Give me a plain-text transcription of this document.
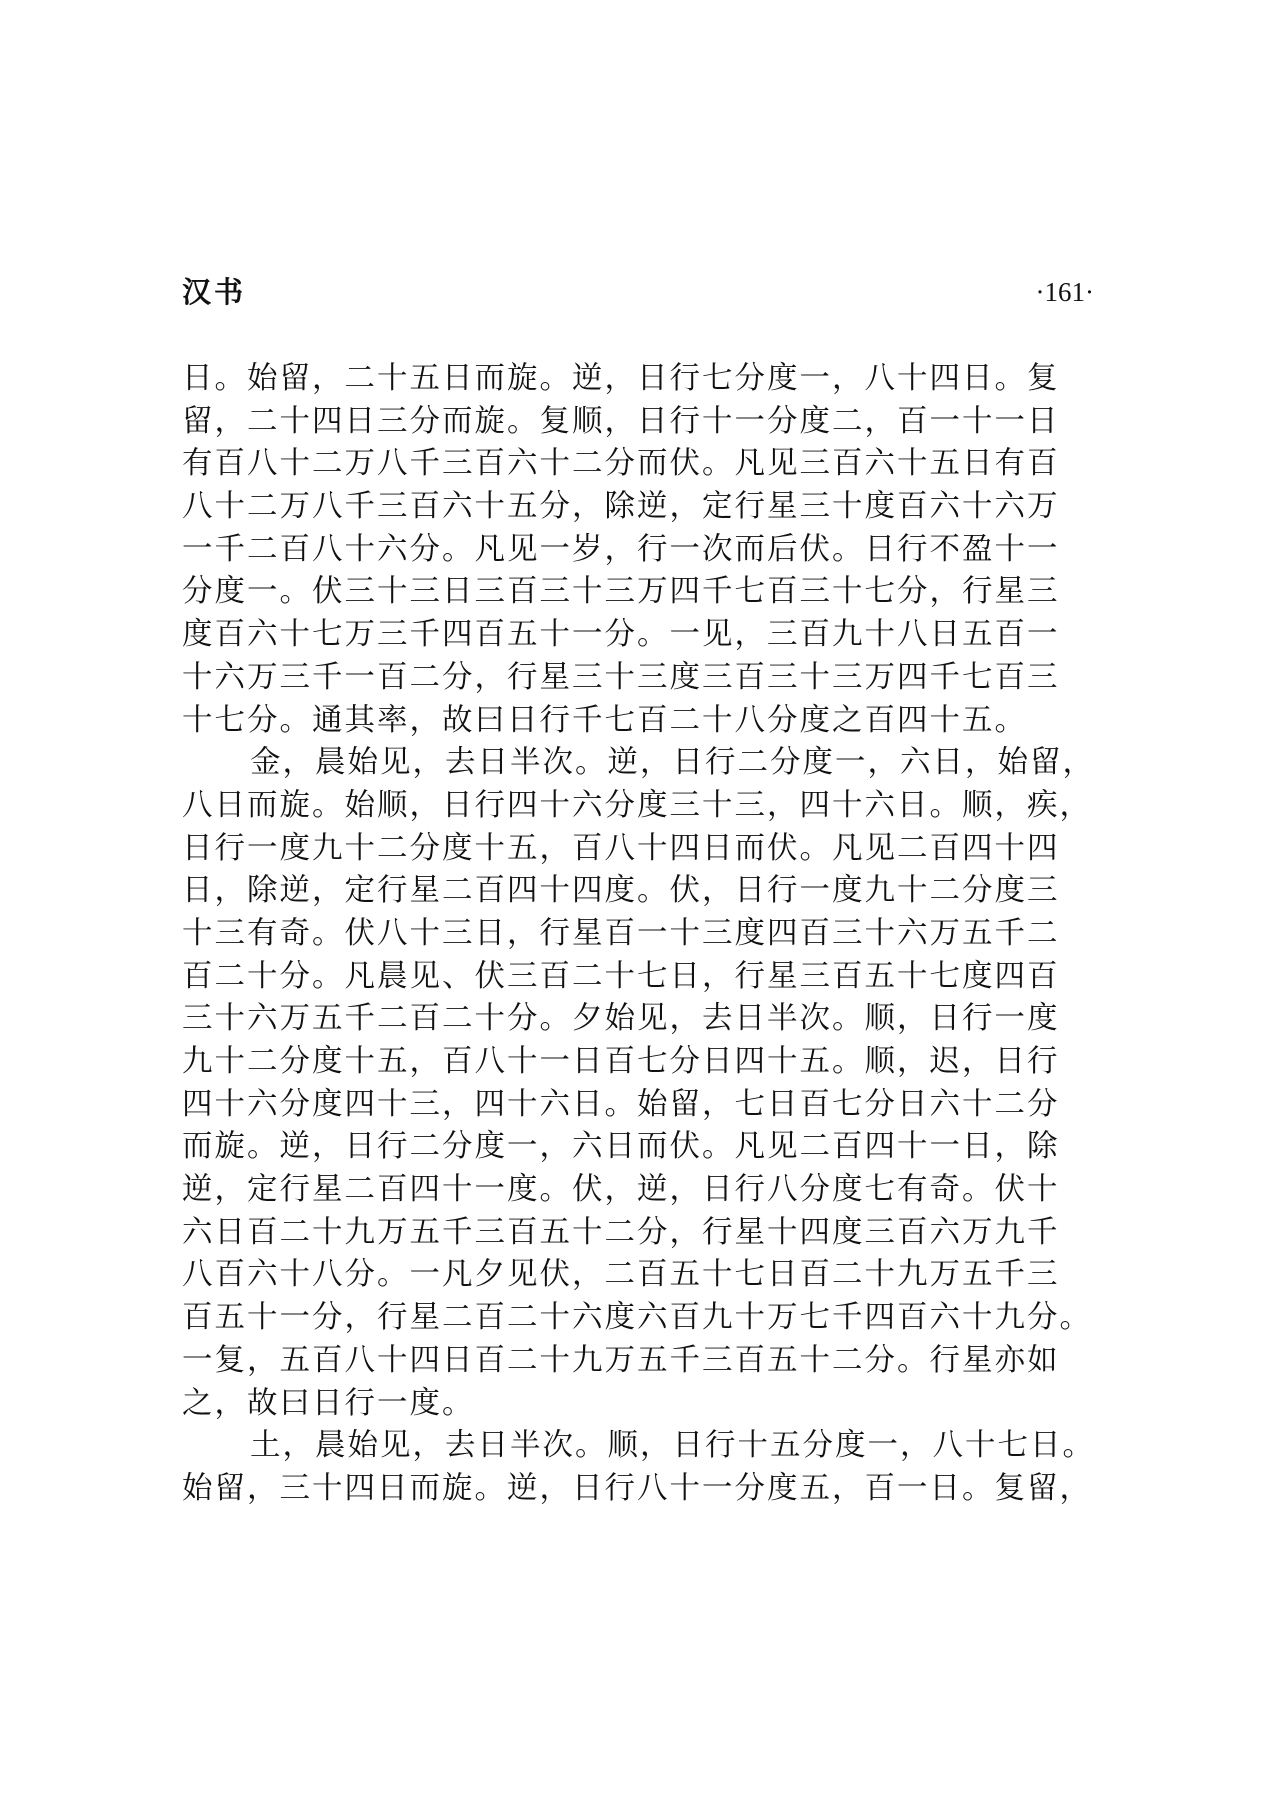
汉书	·161·
日。始留，二十五日而旋。逆，日行七分度一，八十四日。复
留，二十四日三分而旋。复顺，日行十一分度二，百一十一日
有百八十二万八千三百六十二分而伏。凡见三百六十五日有百
八十二万八千三百六十五分，除逆，定行星三十度百六十六万
一千二百八十六分。凡见一岁，行一次而后伏。日行不盈十一
分度一。伏三十三日三百三十三万四千七百三十七分，行星三
度百六十七万三千四百五十一分。一见，三百九十八日五百一
十六万三千一百二分，行星三十三度三百三十三万四千七百三
十七分。通其率，故曰日行千七百二十八分度之百四十五。
金，晨始见，去日半次。逆，日行二分度一，六日，始留，
八日而旋。始顺，日行四十六分度三十三，四十六日。顺，疾，
日行一度九十二分度十五，百八十四日而伏。凡见二百四十四
日，除逆，定行星二百四十四度。伏，日行一度九十二分度三
十三有奇。伏八十三日，行星百一十三度四百三十六万五千二
百二十分。凡晨见、伏三百二十七日，行星三百五十七度四百
三十六万五千二百二十分。夕始见，去日半次。顺，日行一度
九十二分度十五，百八十一日百七分日四十五。顺，迟，日行
四十六分度四十三，四十六日。始留，七日百七分日六十二分
而旋。逆，日行二分度一，六日而伏。凡见二百四十一日，除
逆，定行星二百四十一度。伏，逆，日行八分度七有奇。伏十
六日百二十九万五千三百五十二分，行星十四度三百六万九千
八百六十八分。一凡夕见伏，二百五十七日百二十九万五千三
百五十一分，行星二百二十六度六百九十万七千四百六十九分。
一复，五百八十四日百二十九万五千三百五十二分。行星亦如
之，故曰日行一度。
土，晨始见，去日半次。顺，日行十五分度一，八十七日。
始留，三十四日而旋。逆，日行八十一分度五，百一日。复留，
